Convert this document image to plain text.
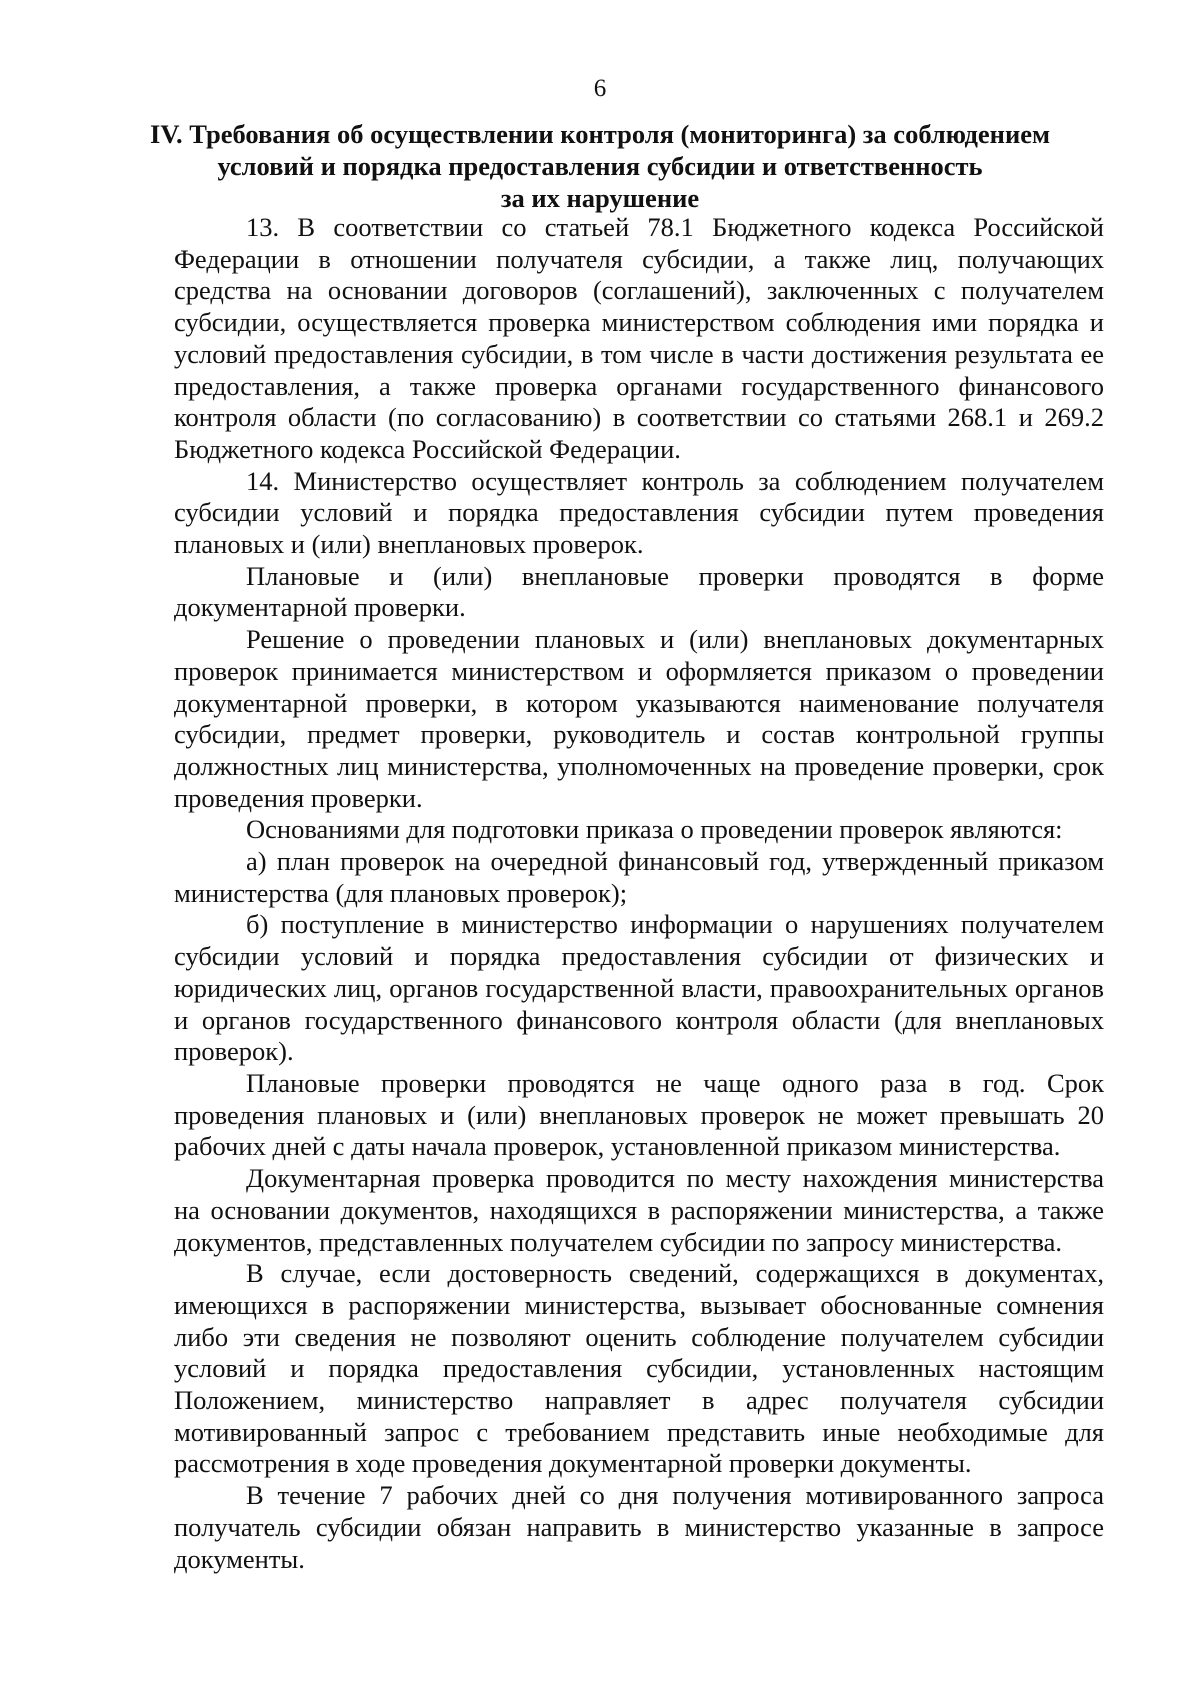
6
IV. Требования об осуществлении контроля (мониторинга) за соблюдением
условий и порядка предоставления субсидии и ответственность
за их нарушение

13. В соответствии со статьей 78.1 Бюджетного кодекса Российской Федерации в отношении получателя субсидии, а также лиц, получающих средства на основании договоров (соглашений), заключенных с получателем субсидии, осуществляется проверка министерством соблюдения ими порядка и условий предоставления субсидии, в том числе в части достижения результата ее предоставления, а также проверка органами государственного финансового контроля области (по согласованию) в соответствии со статьями 268.1 и 269.2 Бюджетного кодекса Российской Федерации.

14. Министерство осуществляет контроль за соблюдением получателем субсидии условий и порядка предоставления субсидии путем проведения плановых и (или) внеплановых проверок.

Плановые и (или) внеплановые проверки проводятся в форме документарной проверки.

Решение о проведении плановых и (или) внеплановых документарных проверок принимается министерством и оформляется приказом о проведении документарной проверки, в котором указываются наименование получателя субсидии, предмет проверки, руководитель и состав контрольной группы должностных лиц министерства, уполномоченных на проведение проверки, срок проведения проверки.

Основаниями для подготовки приказа о проведении проверок являются:

а) план проверок на очередной финансовый год, утвержденный приказом министерства (для плановых проверок);

б) поступление в министерство информации о нарушениях получателем субсидии условий и порядка предоставления субсидии от физических и юридических лиц, органов государственной власти, правоохранительных органов и органов государственного финансового контроля области (для внеплановых проверок).

Плановые проверки проводятся не чаще одного раза в год. Срок проведения плановых и (или) внеплановых проверок не может превышать 20 рабочих дней с даты начала проверок, установленной приказом министерства.

Документарная проверка проводится по месту нахождения министерства на основании документов, находящихся в распоряжении министерства, а также документов, представленных получателем субсидии по запросу министерства.

В случае, если достоверность сведений, содержащихся в документах, имеющихся в распоряжении министерства, вызывает обоснованные сомнения либо эти сведения не позволяют оценить соблюдение получателем субсидии условий и порядка предоставления субсидии, установленных настоящим Положением, министерство направляет в адрес получателя субсидии мотивированный запрос с требованием представить иные необходимые для рассмотрения в ходе проведения документарной проверки документы.

В течение 7 рабочих дней со дня получения мотивированного запроса получатель субсидии обязан направить в министерство указанные в запросе документы.
